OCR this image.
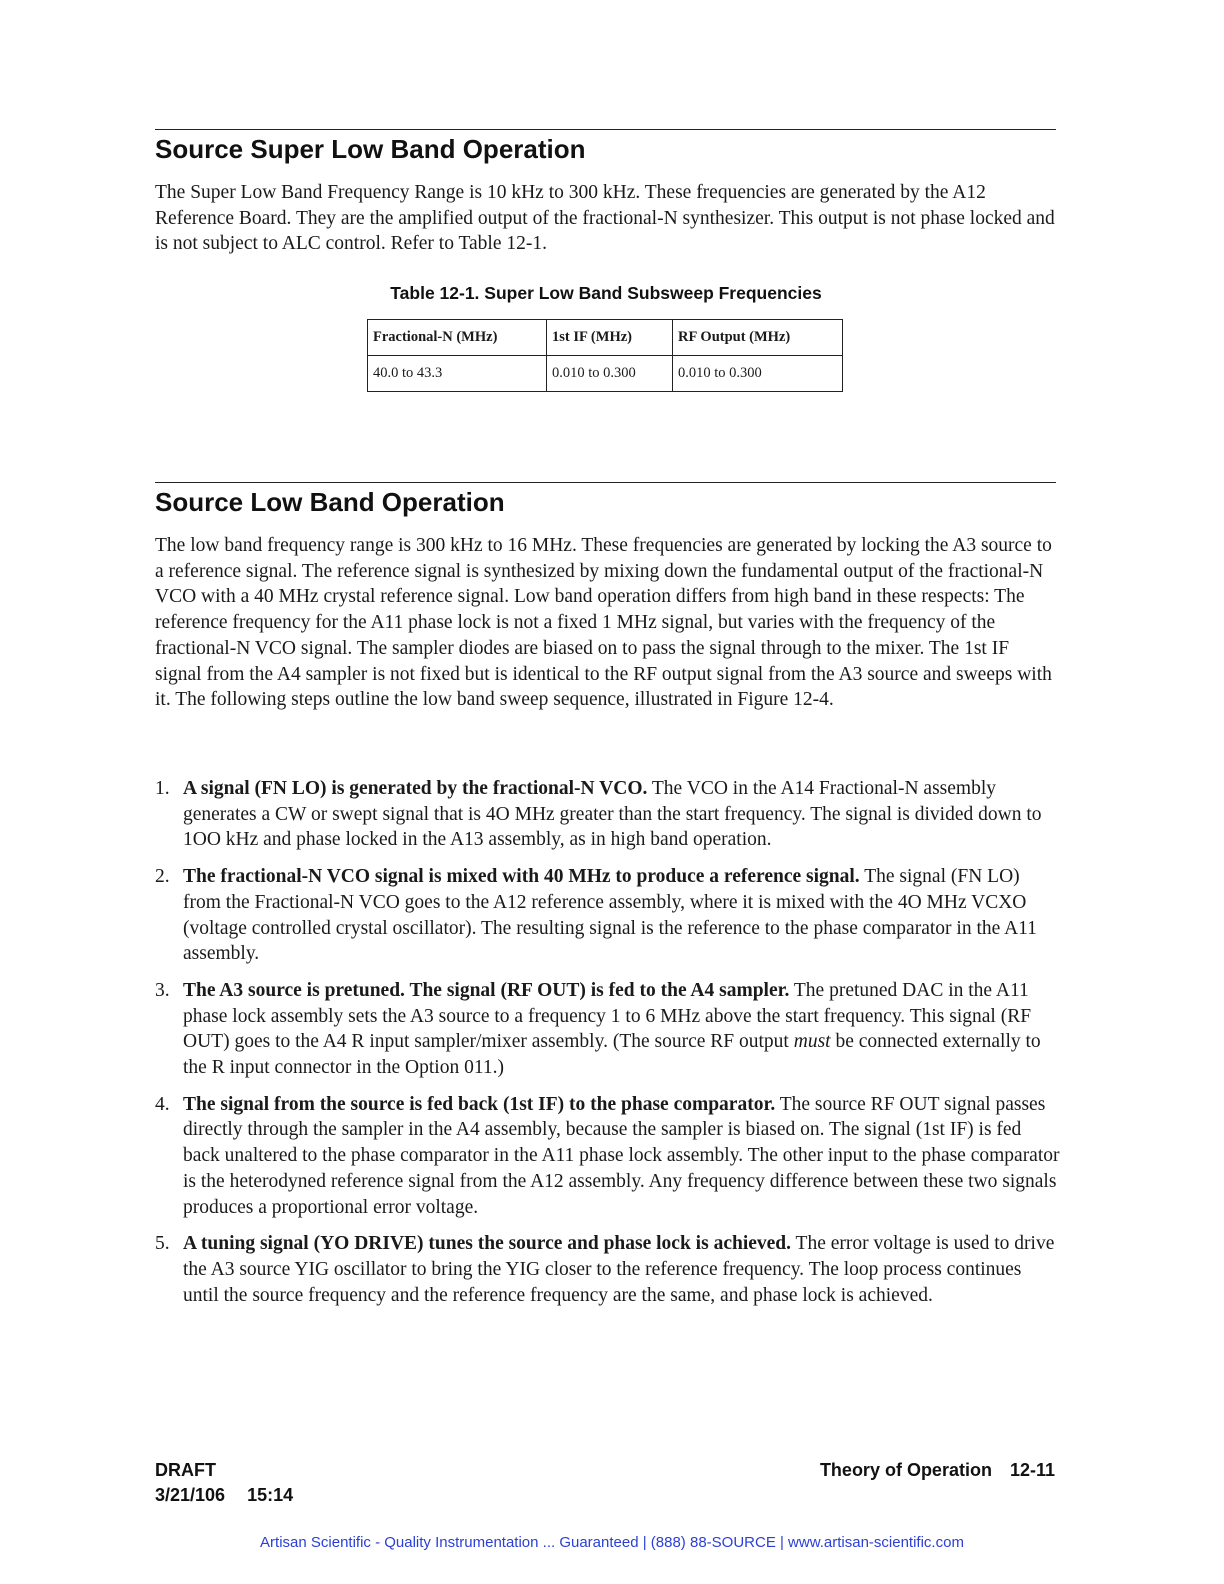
Source Super Low Band Operation

The Super Low Band Frequency Range is 10 kHz to 300 kHz. These frequencies are generated by the A12 Reference Board. They are the amplified output of the fractional-N synthesizer. This output is not phase locked and is not subject to ALC control. Refer to Table 12-1.

Table 12-1. Super Low Band Subsweep Frequencies

Fractional-N (MHz)	1st IF (MHz)	RF Output (MHz)
40.0 to 43.3	0.010 to 0.300	0.010 to 0.300
Source Low Band Operation

The low band frequency range is 300 kHz to 16 MHz. These frequencies are generated by locking the A3 source to a reference signal. The reference signal is synthesized by mixing down the fundamental output of the fractional-N VCO with a 40 MHz crystal reference signal. Low band operation differs from high band in these respects: The reference frequency for the A11 phase lock is not a fixed 1 MHz signal, but varies with the frequency of the fractional-N VCO signal. The sampler diodes are biased on to pass the signal through to the mixer. The 1st IF signal from the A4 sampler is not fixed but is identical to the RF output signal from the A3 source and sweeps with it. The following steps outline the low band sweep sequence, illustrated in Figure 12-4.

1. A signal (FN LO) is generated by the fractional-N VCO. The VCO in the A14 Fractional-N assembly generates a CW or swept signal that is 4O MHz greater than the start frequency. The signal is divided down to 1OO kHz and phase locked in the A13 assembly, as in high band operation.
2. The fractional-N VCO signal is mixed with 40 MHz to produce a reference signal. The signal (FN LO) from the Fractional-N VCO goes to the A12 reference assembly, where it is mixed with the 4O MHz VCXO (voltage controlled crystal oscillator). The resulting signal is the reference to the phase comparator in the A11 assembly.
3. The A3 source is pretuned. The signal (RF OUT) is fed to the A4 sampler. The pretuned DAC in the A11 phase lock assembly sets the A3 source to a frequency 1 to 6 MHz above the start frequency. This signal (RF OUT) goes to the A4 R input sampler/mixer assembly. (The source RF output must be connected externally to the R input connector in the Option 011.)
4. The signal from the source is fed back (1st IF) to the phase comparator. The source RF OUT signal passes directly through the sampler in the A4 assembly, because the sampler is biased on. The signal (1st IF) is fed back unaltered to the phase comparator in the A11 phase lock assembly. The other input to the phase comparator is the heterodyned reference signal from the A12 assembly. Any frequency difference between these two signals produces a proportional error voltage.
5. A tuning signal (YO DRIVE) tunes the source and phase lock is achieved. The error voltage is used to drive the A3 source YIG oscillator to bring the YIG closer to the reference frequency. The loop process continues until the source frequency and the reference frequency are the same, and phase lock is achieved.
DRAFT
3/21/106 15:14
Theory of Operation 12-11
Artisan Scientific - Quality Instrumentation ... Guaranteed | (888) 88-SOURCE | www.artisan-scientific.com
